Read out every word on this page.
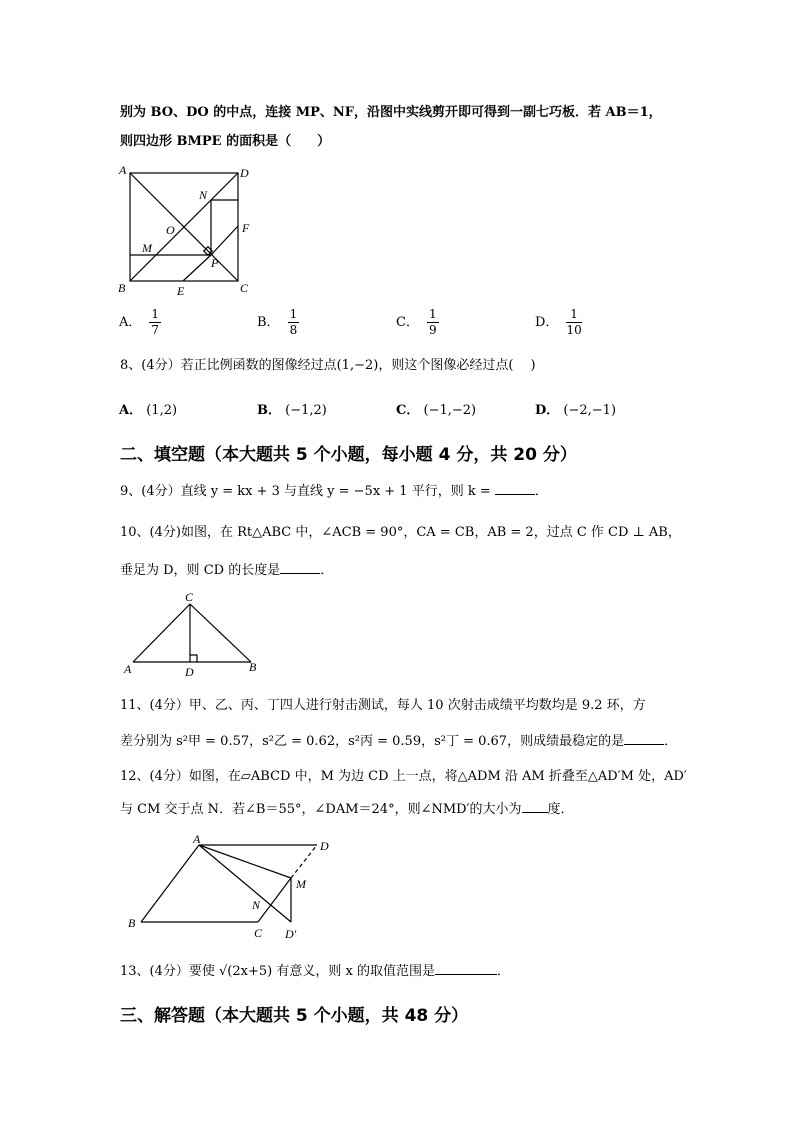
别为 BO、DO 的中点，连接 MP、NF，沿图中实线剪开即可得到一副七巧板．若 AB＝1，
则四边形 BMPE 的面积是（　　）
A	D
N
O	F
M
P
B	E	C
A． $\frac{1}{7}$	B． $\frac{1}{8}$	C． $\frac{1}{9}$	D． $\frac{1}{10}$
8、(4分）若正比例函数的图像经过点(1,−2)，则这个图像必经过点(　 )
A． (1,2)	B． (−1,2)	C． (−1,−2)	D． (−2,−1)
二、填空题（本大题共 5 个小题，每小题 4 分，共 20 分）
9、(4分）直线 y = kx + 3 与直线 y = −5x + 1 平行，则 k =	．
10、(4分)如图，在 Rt△ABC 中，∠ACB = 90°，CA = CB，AB = 2，过点 C 作 CD ⊥ AB，
垂足为 D，则 CD 的长度是	．
C
A	D	B
11、(4分）甲、乙、丙、丁四人进行射击测试，每人 10 次射击成绩平均数均是 9.2 环，方
差分别为 s²甲 = 0.57，s²乙 = 0.62，s²丙 = 0.59，s²丁 = 0.67，则成绩最稳定的是	．
12、(4分）如图，在▱ABCD 中，M 为边 CD 上一点，将△ADM 沿 AM 折叠至△AD′M 处，AD′
与 CM 交于点 N．若∠B＝55°，∠DAM＝24°，则∠NMD′的大小为 度．
A	D
M
N
B
C D′
13、(4分）要使 √(2x+5) 有意义，则 x 的取值范围是	．
三、解答题（本大题共 5 个小题，共 48 分）
